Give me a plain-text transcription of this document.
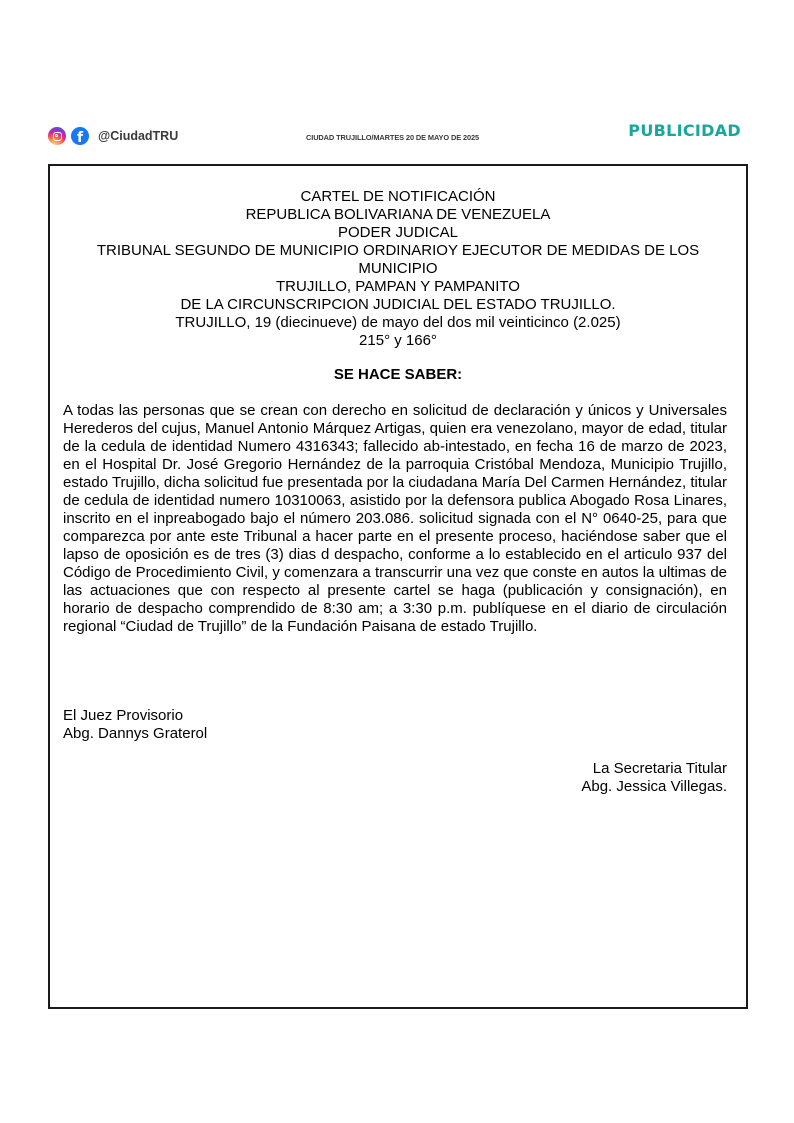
f	@CiudadTRU	CIUDAD TRUJILLO/MARTES 20 DE MAYO DE 2025	PUBLICIDAD
CARTEL DE NOTIFICACIÓN
REPUBLICA BOLIVARIANA DE VENEZUELA
PODER JUDICAL
TRIBUNAL SEGUNDO DE MUNICIPIO ORDINARIOY EJECUTOR DE MEDIDAS DE LOS MUNICIPIO
TRUJILLO, PAMPAN Y PAMPANITO
DE LA CIRCUNSCRIPCION JUDICIAL DEL ESTADO TRUJILLO.
TRUJILLO, 19 (diecinueve) de mayo del dos mil veinticinco (2.025)
215° y 166°
SE HACE SABER:

A todas las personas que se crean con derecho en solicitud de declaración y únicos y Universales Herederos del cujus, Manuel Antonio Márquez Artigas, quien era venezolano, mayor de edad, titular de la cedula de identidad Numero 4316343; fallecido ab-intestado, en fecha 16 de marzo de 2023, en el Hospital Dr. José Gregorio Hernández de la parroquia Cristóbal Mendoza, Municipio Trujillo, estado Trujillo, dicha solicitud fue presentada por la ciudadana María Del Carmen Hernández, titular de cedula de identidad numero 10310063, asistido por la defensora publica Abogado Rosa Linares, inscrito en el inpreabogado bajo el número 203.086. solicitud signada con el N° 0640-25, para que comparezca por ante este Tribunal a hacer parte en el presente proceso, haciéndose saber que el lapso de oposición es de tres (3) dias d despacho, conforme a lo establecido en el articulo 937 del Código de Procedimiento Civil, y comenzara a transcurrir una vez que conste en autos la ultimas de las actuaciones que con respecto al presente cartel se haga (publicación y consignación), en horario de despacho comprendido de 8:30 am; a 3:30 p.m. publíquese en el diario de circulación regional “Ciudad de Trujillo” de la Fundación Paisana de estado Trujillo.

El Juez Provisorio
Abg. Dannys Graterol
La Secretaria Titular
Abg. Jessica Villegas.
